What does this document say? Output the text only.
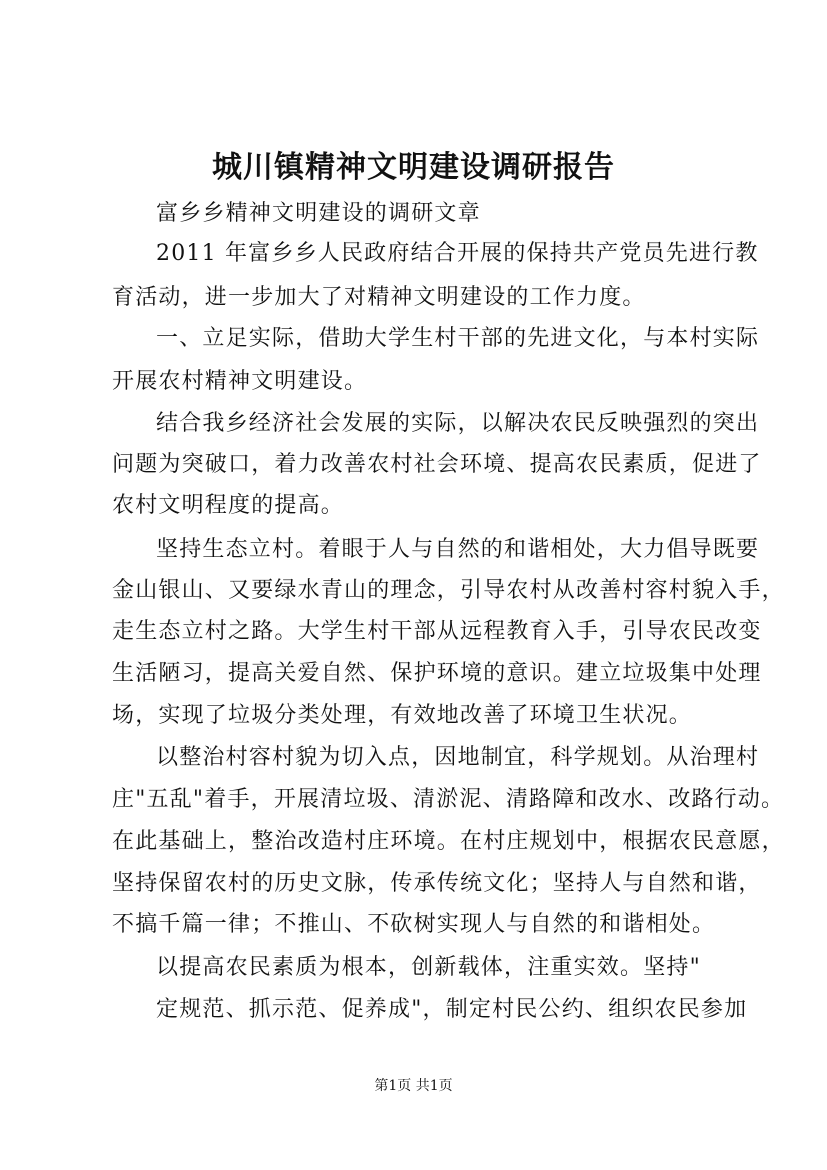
城川镇精神文明建设调研报告
富乡乡精神文明建设的调研文章
2011 年富乡乡人民政府结合开展的保持共产党员先进行教
育活动，进一步加大了对精神文明建设的工作力度。
一、立足实际，借助大学生村干部的先进文化，与本村实际
开展农村精神文明建设。
结合我乡经济社会发展的实际，以解决农民反映强烈的突出
问题为突破口，着力改善农村社会环境、提高农民素质，促进了
农村文明程度的提高。
坚持生态立村。着眼于人与自然的和谐相处，大力倡导既要
金山银山、又要绿水青山的理念，引导农村从改善村容村貌入手，
走生态立村之路。大学生村干部从远程教育入手，引导农民改变
生活陋习，提高关爱自然、保护环境的意识。建立垃圾集中处理
场，实现了垃圾分类处理，有效地改善了环境卫生状况。
以整治村容村貌为切入点，因地制宜，科学规划。从治理村
庄"五乱"着手，开展清垃圾、清淤泥、清路障和改水、改路行动。
在此基础上，整治改造村庄环境。在村庄规划中，根据农民意愿，
坚持保留农村的历史文脉，传承传统文化；坚持人与自然和谐，
不搞千篇一律；不推山、不砍树实现人与自然的和谐相处。
以提高农民素质为根本，创新载体，注重实效。坚持"
定规范、抓示范、促养成"，制定村民公约、组织农民参加
第1页 共1页
